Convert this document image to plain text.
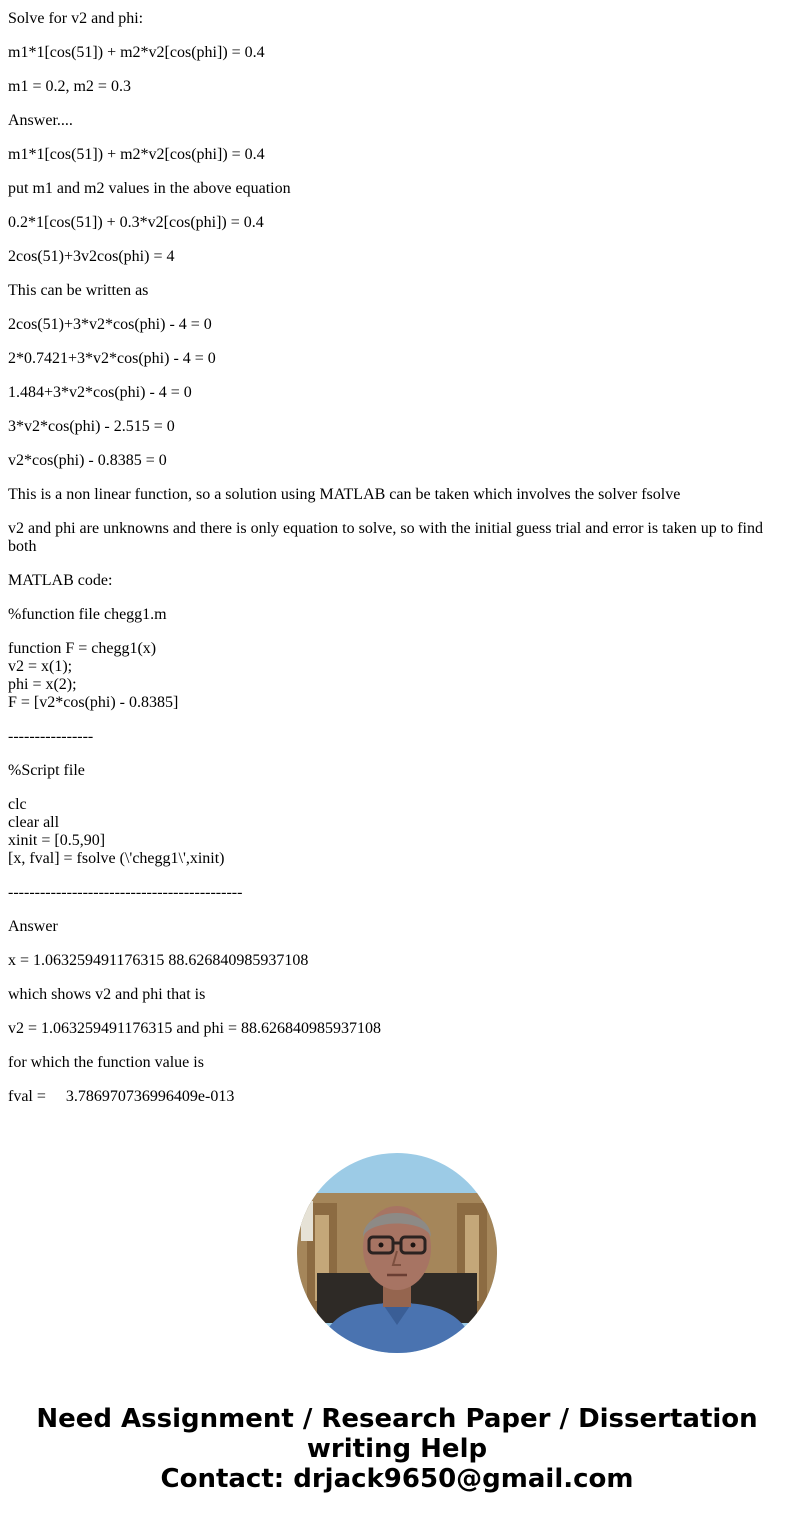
Solve for v2 and phi:

m1*1[cos(51]) + m2*v2[cos(phi]) = 0.4

m1 = 0.2, m2 = 0.3

Answer....

m1*1[cos(51]) + m2*v2[cos(phi]) = 0.4

put m1 and m2 values in the above equation

0.2*1[cos(51]) + 0.3*v2[cos(phi]) = 0.4

2cos(51)+3v2cos(phi) = 4

This can be written as

2cos(51)+3*v2*cos(phi) - 4 = 0

2*0.7421+3*v2*cos(phi) - 4 = 0

1.484+3*v2*cos(phi) - 4 = 0

3*v2*cos(phi) - 2.515 = 0

v2*cos(phi) - 0.8385 = 0

This is a non linear function, so a solution using MATLAB can be taken which involves the solver fsolve

v2 and phi are unknowns and there is only equation to solve, so with the initial guess trial and error is taken up to find both

MATLAB code:

%function file chegg1.m

function F = chegg1(x)

v2 = x(1);

phi = x(2);

F = [v2*cos(phi) - 0.8385]

----------------

%Script file

clc

clear all

xinit = [0.5,90]

[x, fval] = fsolve (\'chegg1\',xinit)

--------------------------------------------

Answer

x = 1.063259491176315 88.626840985937108

which shows v2 and phi that is

v2 = 1.063259491176315 and phi = 88.626840985937108

for which the function value is

fval =     3.786970736996409e-013

Need Assignment / Research Paper / Dissertation
writing Help
Contact: drjack9650@gmail.com
